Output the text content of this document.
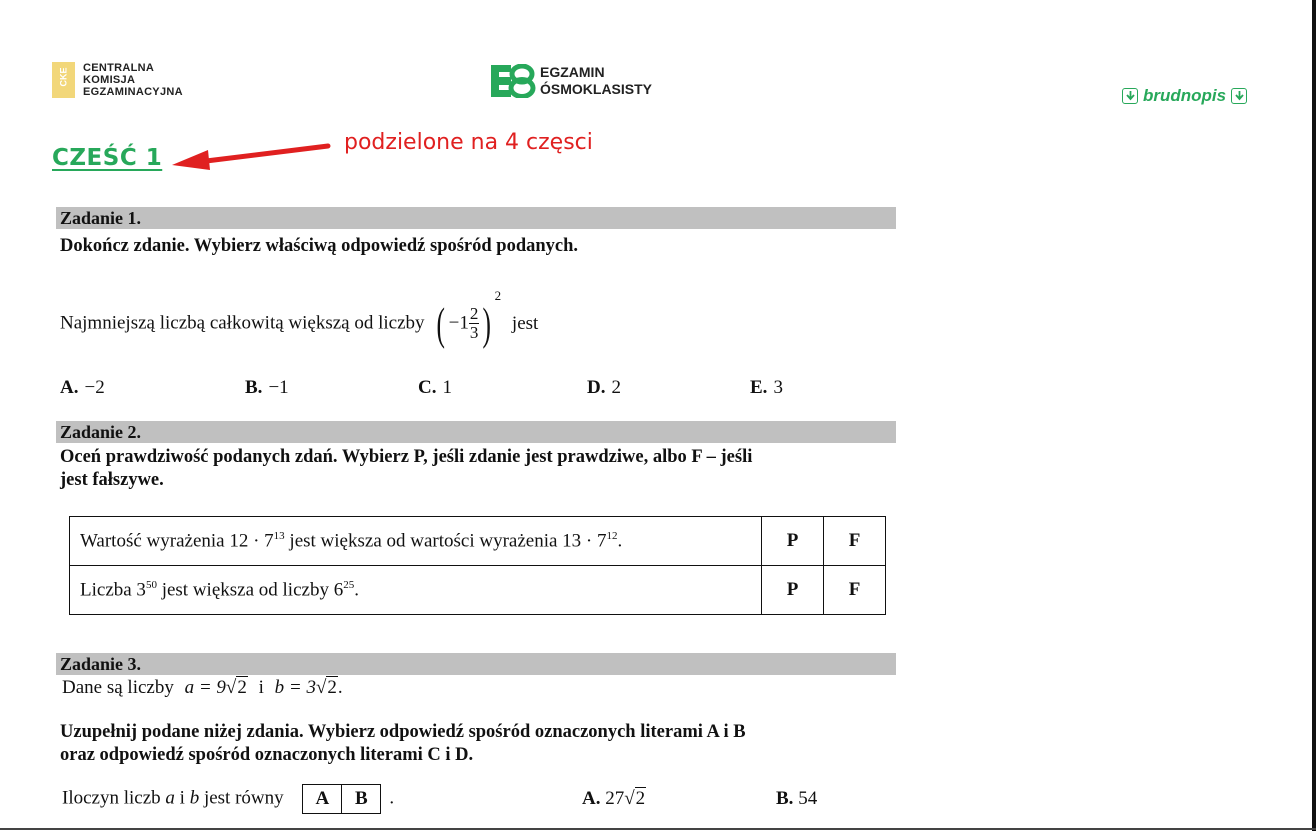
CKE CENTRALNA
KOMISJA
EGZAMINACYJNA
EGZAMIN
ÓSMOKLASISTY	brudnopis
CZEŚĆ 1
podzielone na 4 częsci
Zadanie 1.
Dokończ zdanie. Wybierz właściwą odpowiedź spośród podanych.
Najmniejszą liczbą całkowitą większą od liczby ( $-1 \frac{2}{3} )^2$ jest
A. −2	B. −1	C. 1	D. 2	E. 3
Zadanie 2.
Oceń prawdziwość podanych zdań. Wybierz P, jeśli zdanie jest prawdziwe, albo F – jeśli
jest fałszywe.
Wartość wyrażenia $12 \cdot 7^{13}$ jest większa od wartości wyrażenia $13 \cdot 7^{12}$.	P	F
Liczba $3^{50}$ jest większa od liczby $6^{25}$.	P	F
Zadanie 3.
Dane są liczby a = 9√2 i b = 3√2.
Uzupełnij podane niżej zdania. Wybierz odpowiedź spośród oznaczonych literami A i B
oraz odpowiedź spośród oznaczonych literami C i D.
Iloczyn liczb a i b jest równy	A	B	.	A. 27√2	B. 54
